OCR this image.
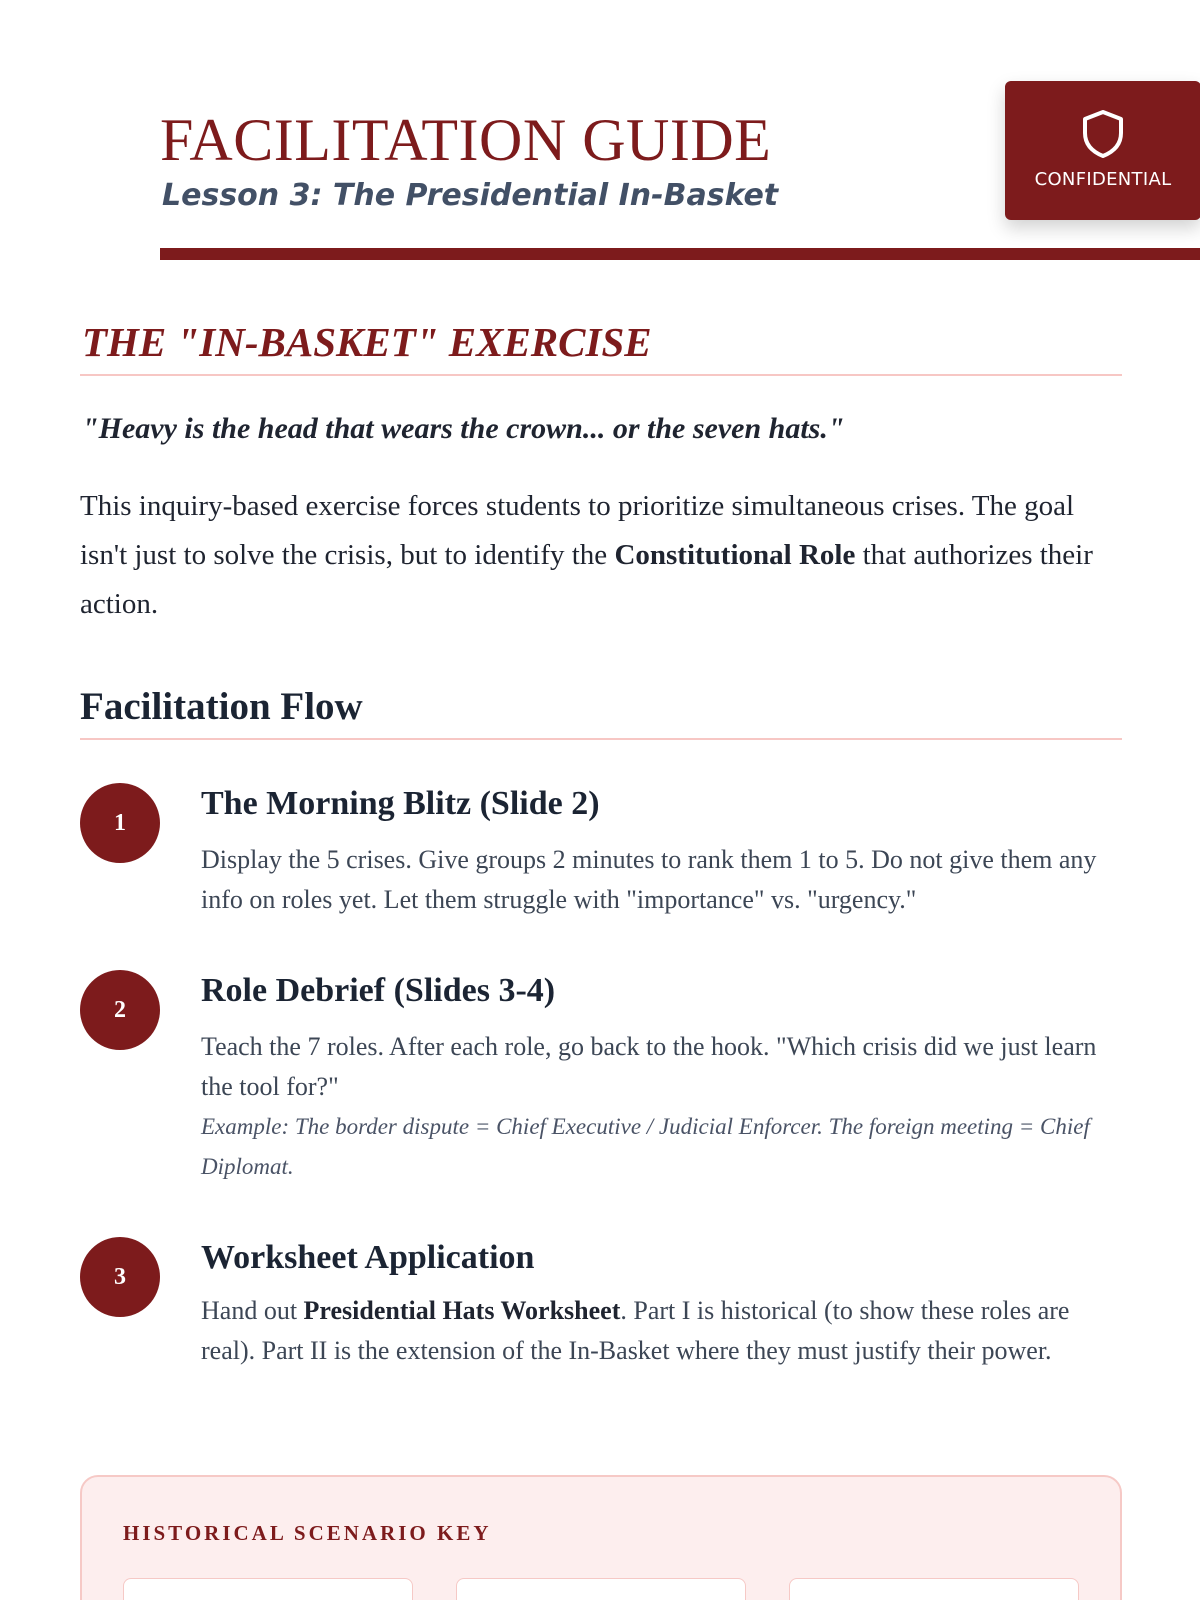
FACILITATION GUIDE
Lesson 3: The Presidential In-Basket	CONFIDENTIAL
THE "IN-BASKET" EXERCISE
"Heavy is the head that wears the crown... or the seven hats."

This inquiry-based exercise forces students to prioritize simultaneous crises. The goal isn't just to solve the crisis, but to identify the Constitutional Role that authorizes their action.

Facilitation Flow
1
The Morning Blitz (Slide 2)

Display the 5 crises. Give groups 2 minutes to rank them 1 to 5. Do not give them any info on roles yet. Let them struggle with "importance" vs. "urgency."

2
Role Debrief (Slides 3-4)

Teach the 7 roles. After each role, go back to the hook. "Which crisis did we just learn the tool for?"

Example: The border dispute = Chief Executive / Judicial Enforcer. The foreign meeting = Chief Diplomat.

3
Worksheet Application

Hand out Presidential Hats Worksheet. Part I is historical (to show these roles are real). Part II is the extension of the In-Basket where they must justify their power.

HISTORICAL SCENARIO KEY
